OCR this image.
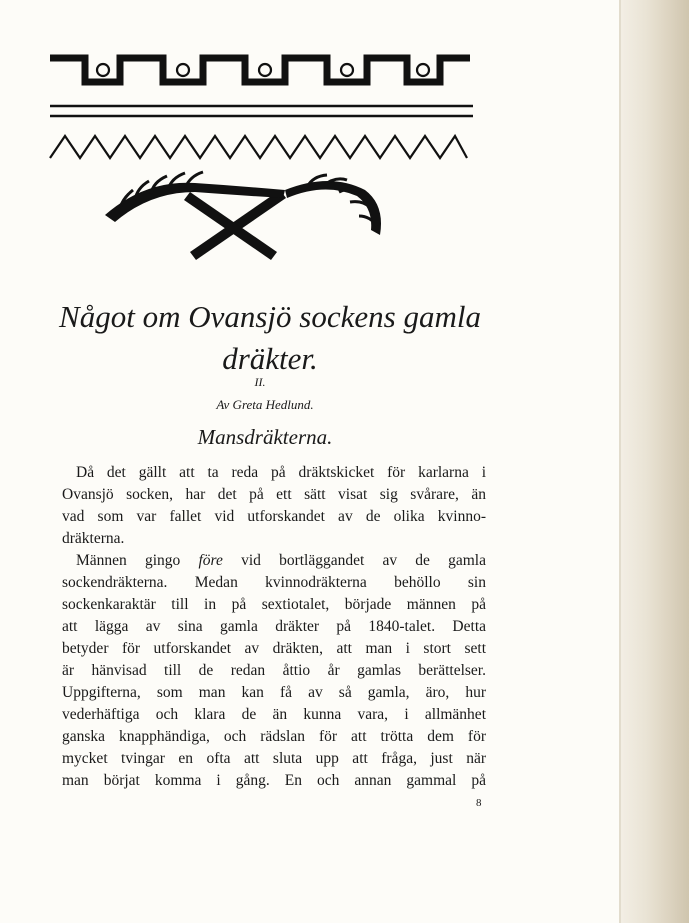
Något om Ovansjö sockens gamla dräkter.
II.
Av Greta Hedlund.
Mansdräkterna.
Då det gällt att ta reda på dräktskicket för karlarna i
Ovansjö socken, har det på ett sätt visat sig svårare, än
vad som var fallet vid utforskandet av de olika kvinno-
dräkterna.
Männen gingo före vid bortläggandet av de gamla
sockendräkterna. Medan kvinnodräkterna behöllo sin
sockenkaraktär till in på sextiotalet, började männen på
att lägga av sina gamla dräkter på 1840-talet. Detta
betyder för utforskandet av dräkten, att man i stort sett
är hänvisad till de redan åttio år gamlas berättelser.
Uppgifterna, som man kan få av så gamla, äro, hur
vederhäftiga och klara de än kunna vara, i allmänhet
ganska knapphändiga, och rädslan för att trötta dem för
mycket tvingar en ofta att sluta upp att fråga, just när
man börjat komma i gång. En och annan gammal på
8
